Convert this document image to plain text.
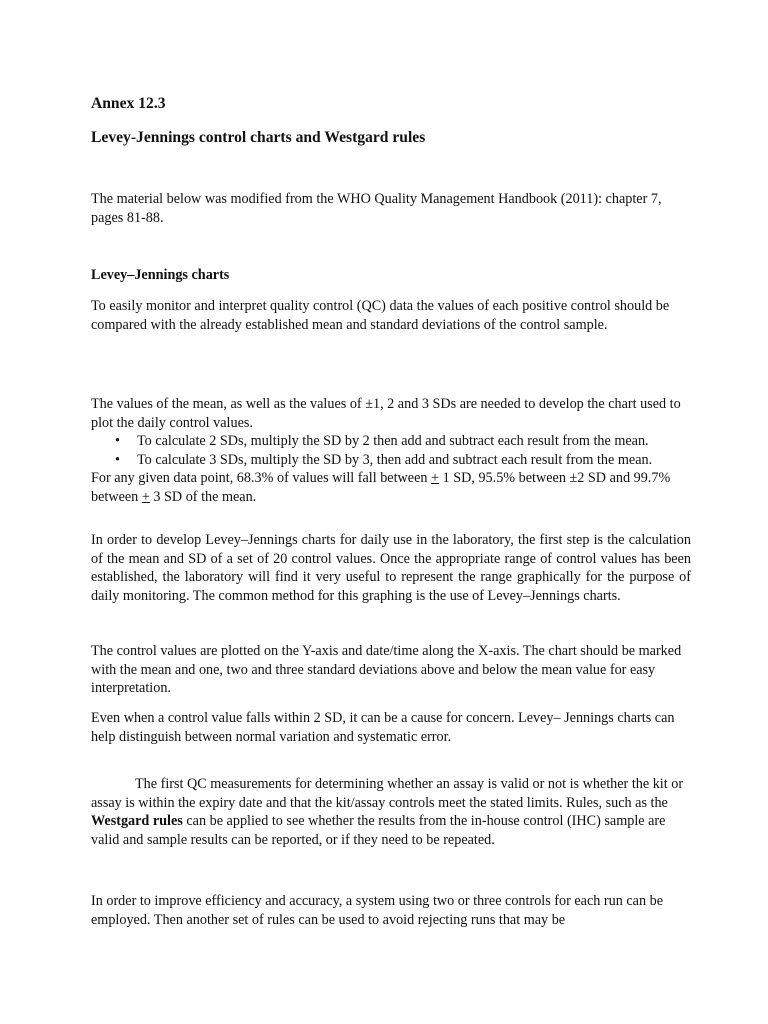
Annex 12.3

Levey-Jennings control charts and Westgard rules

The material below was modified from the WHO Quality Management Handbook (2011): chapter 7, pages 81-88.

Levey–Jennings charts

To easily monitor and interpret quality control (QC) data the values of each positive control should be compared with the already established mean and standard deviations of the control sample.

The values of the mean, as well as the values of ±1, 2 and 3 SDs are needed to develop the chart used to plot the daily control values.

• To calculate 2 SDs, multiply the SD by 2 then add and subtract each result from the mean.
• To calculate 3 SDs, multiply the SD by 3, then add and subtract each result from the mean.

For any given data point, 68.3% of values will fall between + 1 SD, 95.5% between ±2 SD and 99.7% between + 3 SD of the mean.

In order to develop Levey–Jennings charts for daily use in the laboratory, the first step is the calculation of the mean and SD of a set of 20 control values. Once the appropriate range of control values has been established, the laboratory will find it very useful to represent the range graphically for the purpose of daily monitoring. The common method for this graphing is the use of Levey–Jennings charts.

The control values are plotted on the Y-axis and date/time along the X-axis. The chart should be marked with the mean and one, two and three standard deviations above and below the mean value for easy interpretation.

Even when a control value falls within 2 SD, it can be a cause for concern. Levey– Jennings charts can help distinguish between normal variation and systematic error.

The first QC measurements for determining whether an assay is valid or not is whether the kit or assay is within the expiry date and that the kit/assay controls meet the stated limits. Rules, such as the Westgard rules can be applied to see whether the results from the in-house control (IHC) sample are valid and sample results can be reported, or if they need to be repeated.

In order to improve efficiency and accuracy, a system using two or three controls for each run can be employed. Then another set of rules can be used to avoid rejecting runs that may be
